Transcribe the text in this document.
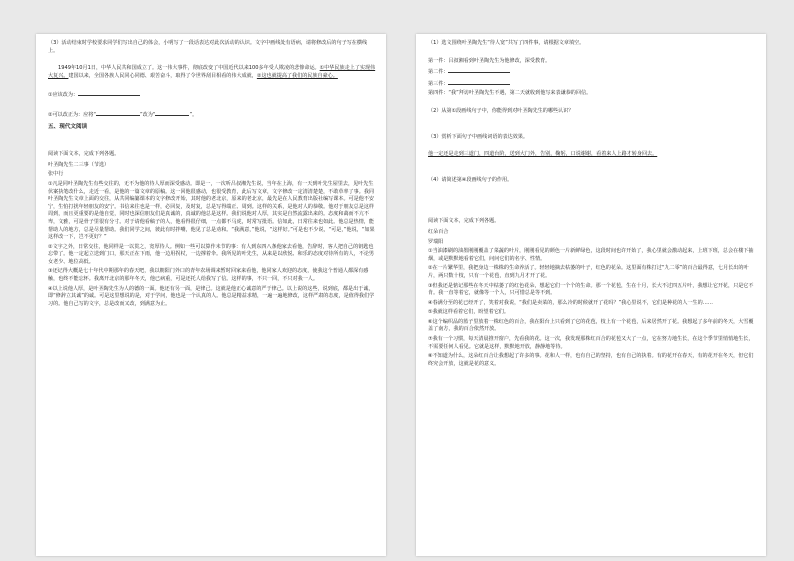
（3）活动结束时学校要求同学们写出自己的体会，小明写了一段话表达对此次活动的认识。文字中画线处有语病，请将修改后的句子写在横线上。

1949年10月1日，中华人民共和国成立了。这一伟大事件，彻底改变了中国近代以来100多年受人欺凌的悲惨命运。①中华民族走上了实现伟大复兴。建国以来，全国各族人民同心同德、艰苦奋斗，取得了令世界刮目相看的伟大成就，②这也就提高了我们的民族自豪心。

①应该改为：

②可以改正为：应将“	”改为“	”。

五、现代文阅读

阅读下面文本，完成下列各题。

叶圣陶先生二三事（节选）

张中行

①凡是同叶圣陶先生有些交往的，无不为他的待人厚而深受感动。即是一，一次听吕叔湘先生说，当年在上海，有一天到叶先生屋里去，见叶先生伏案执笔改什么，走近一看，是他的一篇文章的原稿。这一回他很感动，也很受教育，此后写文章，文字修改一定清清楚楚，不敢草率了事。我同叶圣陶先生文章上面的交往，从共同编纂课本的文字修改开始，其时他的老北京，原来的老北京，最先是在人民教育出版社编写课本。可是他不安宁，生怕打扰年轻朋友的安宁。书信来往也是一样，必回复，及时复，总是写得端正、周到。这样的关系，是他对人的恭敬。他对于朋友总是这样周到，而且更重要的是他自觉，同时也深信朋友们是真诚的，真诚的他总是这样。我们说他对人厚，其实是自然流露出来的。态度和蔼而不亢不卑，文雅，可是骨子里很有分寸。对于请他看稿子的人，他看得很仔细，一点都不马虎，时常写批语。信如此，日常往来也如此。他总是热情，能帮助人的地方，总是尽量帮助。我们同学之间，彼此有时拌嘴，他见了总是劝和。“我满意，”他说，“这样好。”可是也不少说，“可是，”他说，“如果这样改一下，岂不更好？”

②文字之外，日常交往，他同样是一以贯之，宽厚待人。例如一些可以算作未节的事：有人到东四八条他家去看他，告辞时，客人把自己的钥匙也忘带了。他一定起立送到门口，那天正在下雨，他一边用拐杖，一边撑着伞。我所见的叶先生，从来是以欣悦、和乐的态度对待所有的人，不论男女老少、地位高低。

③还记得大概是七十年代中期那年的春天吧，我以朝阳门外口的青年农场调来暂时回家来看他，他同家人欢迎的态度，使我这个普通人都深有感触，也终不能忘怀。我离开北京的那年冬天，他已病重，可是还托人给我写了信。这样的事，不只一回，不只对我一人。

④以上说他人厚，是叶圣陶先生为人的德的一面。他还有另一面，是律己。这就是他正心诚意的严于律己。以上说的这些，说到底，都是出于诚，即“修辞立其诚”的诚。可是这里想说的是，对于学问，他也是一个认真的人。他总是精益求精，一遍一遍地修改，这样严肃的态度，是值得我们学习的。他自己写的文字，总是改而又改，到满意为止。

（1）选文围绕叶圣陶先生“待人宽”共写了四件事，请根据文章填空。

第一件：吕叔湘看到叶圣陶先生为他修改，深受教育。

第二件：

第三件：

第四件：“我”拜访叶圣陶先生不遇，第二天就收到他写来表谦恭的回信。

（2）从第①段画线句子中，你能得到对叶圣陶先生的哪些认识？

（3）赏析下面句子中画线词语的表达效果。

他一定还是走到三道门，四道台阶，送到大门外，告别，鞠躬，口说谢谢，看着来人上路才转身回去。

（4）请简述第④段画线句子的作用。

阅读下面文本，完成下列各题。

红朵百合

罗瑞阳

①当油漆刷的油墨刚刚覆盖了菜蔬的叶片，刚刚看见的颜色一片新鲜绿色，这段时间也许开始了，我心里就会激动起来，上班下班，总会在楼下抽烟，或是默默地看着它们，问问它们的名字、性情。

②在一片繁华里，我把身边一株株的生命养活了。轻轻地摘去枯萎的叶子，红色的花朵。这里面有株打过“九二零”的百合最得意，七月长出的叶片，两只数十枝，只有一个花苞，直到九月才开了花。

③但我还是惦记那些在冬天中枯萎了的红色花朵，想起它们一个个的生命。那一个花苞，生在十月，长大不过四五片叶，我想让它开花，只是它不肯。我一直等着它，就像等一个人，只可惜总是等不到。

④春满分至的花已经开了，笑着对我说，“我们是卖菜的，那么冷的时候就开了花吗？”我心里说不，它们是种花的人一生的……

⑤我就这样看着它们，盼望着它们。

⑥这个编织品的篮子里放着一株红色的百合，我在阳台上只看到了它的花苞，枝上有一个花苞，后来居然开了花。我想起了多年前的冬天，大雪覆盖了南方，我的百合依然开放。

⑦我有一个习惯，每天清晨推开窗户，先看我的花。这一次，我发现那株红百合的花苞又大了一点，它在努力地生长，在这个季节里悄悄地生长，不需要任何人看见。它就是这样，默默地开放，静静地等待。

⑧不知道为什么，这朵红百合让我想起了许多的事。花和人一样，也有自己的坚持，也有自己的执着。有的花开在春天，有的花开在冬天，但它们终究会开放，这就是花的意义。
